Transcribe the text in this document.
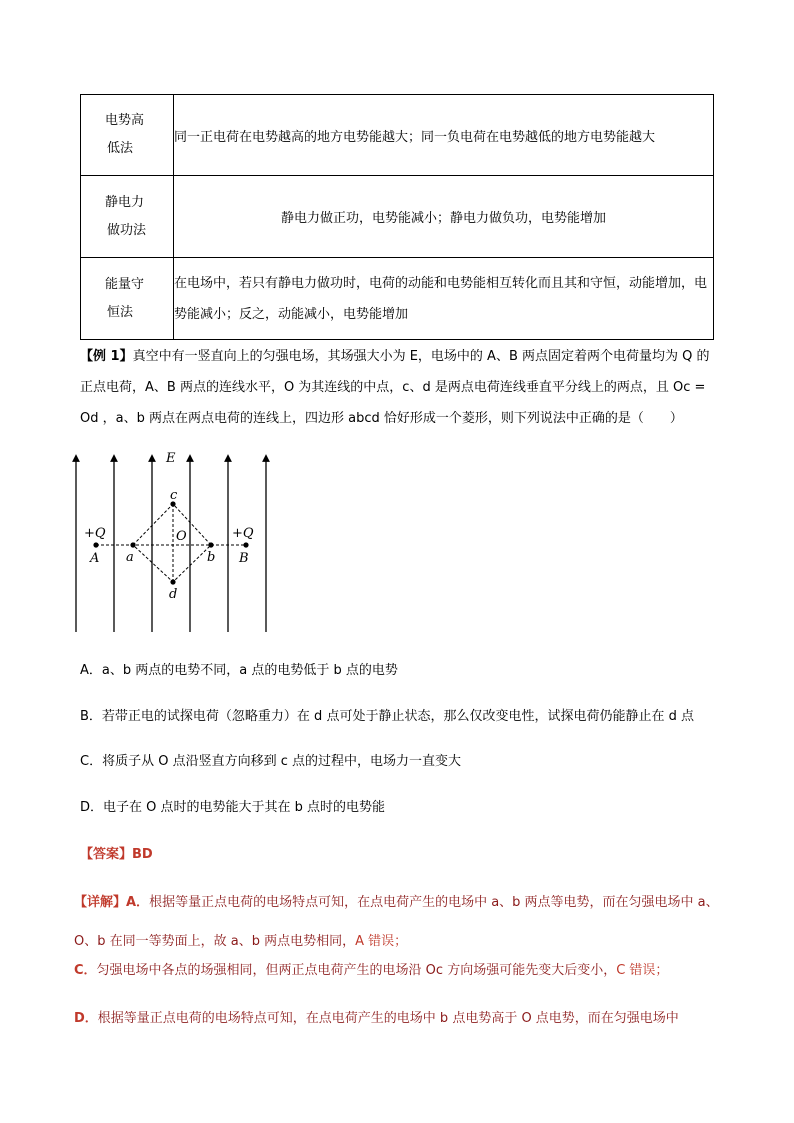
电势高
低法	同一正电荷在电势越高的地方电势能越大；同一负电荷在电势越低的地方电势能越大

静电力
做功法	静电力做正功，电势能减小；静电力做负功，电势能增加

能量守
恒法	在电场中，若只有静电力做功时，电荷的动能和电势能相互转化而且其和守恒，动能增加，电势能减小；反之，动能减小，电势能增加
【例 1】真空中有一竖直向上的匀强电场，其场强大小为 E，电场中的 A、B 两点固定着两个电荷量均为 Q 的正点电荷，A、B 两点的连线水平，O 为其连线的中点，c、d 是两点电荷连线垂直平分线上的两点，且 Oc = Od ，a、b 两点在两点电荷的连线上，四边形 abcd 恰好形成一个菱形，则下列说法中正确的是（　　）
E
+Q	+Q
A	B
a	b
c
d
O
A．a、b 两点的电势不同，a 点的电势低于 b 点的电势
B．若带正电的试探电荷（忽略重力）在 d 点可处于静止状态，那么仅改变电性，试探电荷仍能静止在 d 点
C．将质子从 O 点沿竖直方向移到 c 点的过程中，电场力一直变大
D．电子在 O 点时的电势能大于其在 b 点时的电势能
【答案】BD
【详解】A．根据等量正点电荷的电场特点可知，在点电荷产生的电场中 a、b 两点等电势，而在匀强电场中 a、O、b 在同一等势面上，故 a、b 两点电势相同，A 错误；
C．匀强电场中各点的场强相同，但两正点电荷产生的电场沿 Oc 方向场强可能先变大后变小，C 错误；
D．根据等量正点电荷的电场特点可知，在点电荷产生的电场中 b 点电势高于 O 点电势，而在匀强电场中
